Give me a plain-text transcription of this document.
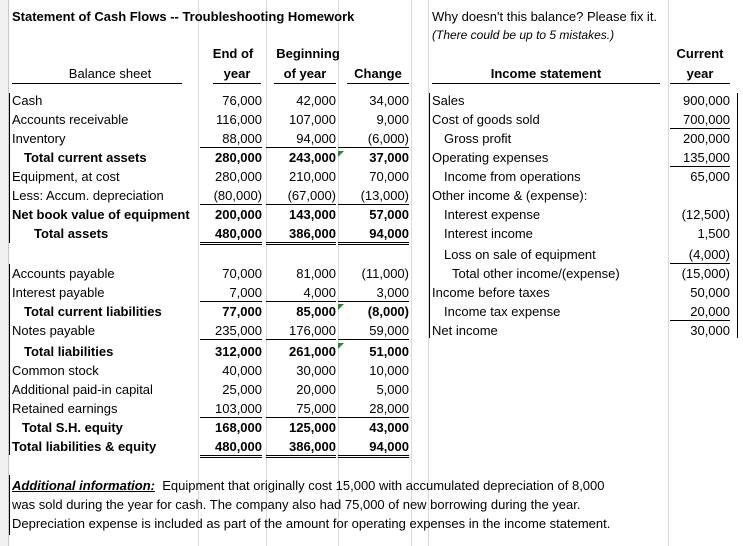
Statement of Cash Flows -- Troubleshooting Homework	Why doesn't this balance? Please fix it.
(There could be up to 5 mistakes.)
End of	Beginning
Balance sheet	year	of year	Change
Current
Income statement	year
Cash	76,000	42,000	34,000
Accounts receivable	116,000	107,000	9,000
Inventory	88,000	94,000	(6,000)
Total current assets	280,000	243,000	37,000
Equipment, at cost	280,000	210,000	70,000
Less: Accum. depreciation	(80,000)	(67,000)	(13,000)
Net book value of equipment	200,000	143,000	57,000
Total assets	480,000	386,000	94,000
Accounts payable	70,000	81,000	(11,000)
Interest payable	7,000	4,000	3,000
Total current liabilities	77,000	85,000	(8,000)
Notes payable	235,000	176,000	59,000
Total liabilities	312,000	261,000	51,000
Common stock	40,000	30,000	10,000
Additional paid-in capital	25,000	20,000	5,000
Retained earnings	103,000	75,000	28,000
Total S.H. equity	168,000	125,000	43,000
Total liabilities & equity	480,000	386,000	94,000
Sales	900,000
Cost of goods sold	700,000
Gross profit	200,000
Operating expenses	135,000
Income from operations	65,000
Other income & (expense):
Interest expense	(12,500)
Interest income	1,500
Loss on sale of equipment	(4,000)
Total other income/(expense)	(15,000)
Income before taxes	50,000
Income tax expense	20,000
Net income	30,000
Additional information: Equipment that originally cost 15,000 with accumulated depreciation of 8,000
was sold during the year for cash. The company also had 75,000 of new borrowing during the year.
Depreciation expense is included as part of the amount for operating expenses in the income statement.
